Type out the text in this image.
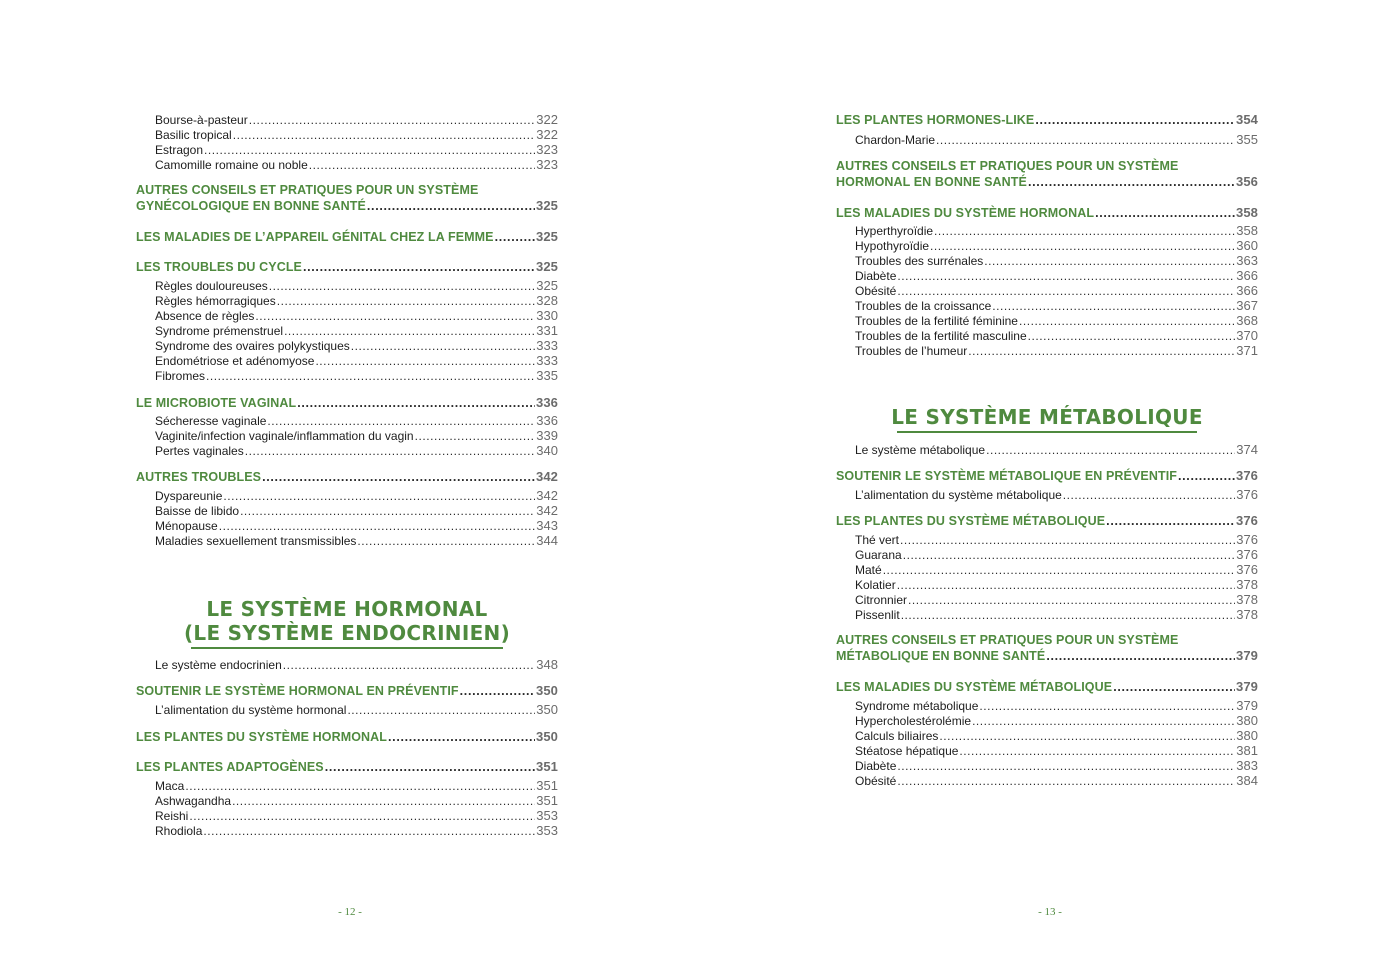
LE SYSTÈME HORMONAL
(LE SYSTÈME ENDOCRINIEN)
Bourse-à-pasteur . . .	322
Basilic tropical . . .	322
Estragon . . .	323
Camomille romaine ou noble . . .	323
AUTRES CONSEILS ET PRATIQUES POUR UN SYSTÈME
GYNÉCOLOGIQUE EN BONNE SANTÉ . . .	325
LES MALADIES DE L’APPAREIL GÉNITAL CHEZ LA FEMME . . .	325
LES TROUBLES DU CYCLE . . .	325
Règles douloureuses . . .	325
Règles hémorragiques . . .	328
Absence de règles . . .	330
Syndrome prémenstruel . . .	331
Syndrome des ovaires polykystiques . . .	333
Endométriose et adénomyose . . .	333
Fibromes . . .	335
LE MICROBIOTE VAGINAL . . .	336
Sécheresse vaginale . . .	336
Vaginite/infection vaginale/inflammation du vagin . . .	339
Pertes vaginales . . .	340
AUTRES TROUBLES . . .	342
Dyspareunie . . .	342
Baisse de libido . . .	342
Ménopause . . .	343
Maladies sexuellement transmissibles . . .	344
Le système endocrinien . . .	348
SOUTENIR LE SYSTÈME HORMONAL EN PRÉVENTIF . . .	350
L’alimentation du système hormonal . . .	350
LES PLANTES DU SYSTÈME HORMONAL . . .	350
LES PLANTES ADAPTOGÈNES . . .	351
Maca . . .	351
Ashwagandha . . .	351
Reishi . . .	353
Rhodiola . . .	353
- 12 -
LE SYSTÈME MÉTABOLIQUE
LES PLANTES HORMONES-LIKE . . .	354
Chardon-Marie . . .	355
AUTRES CONSEILS ET PRATIQUES POUR UN SYSTÈME
HORMONAL EN BONNE SANTÉ . . .	356
LES MALADIES DU SYSTÈME HORMONAL . . .	358
Hyperthyroïdie . . .	358
Hypothyroïdie . . .	360
Troubles des surrénales . . .	363
Diabète . . .	366
Obésité . . .	366
Troubles de la croissance . . .	367
Troubles de la fertilité féminine . . .	368
Troubles de la fertilité masculine . . .	370
Troubles de l’humeur . . .	371
Le système métabolique . . .	374
SOUTENIR LE SYSTÈME MÉTABOLIQUE EN PRÉVENTIF . . .	376
L’alimentation du système métabolique . . .	376
LES PLANTES DU SYSTÈME MÉTABOLIQUE . . .	376
Thé vert . . .	376
Guarana . . .	376
Maté . . .	376
Kolatier . . .	378
Citronnier . . .	378
Pissenlit . . .	378
AUTRES CONSEILS ET PRATIQUES POUR UN SYSTÈME
MÉTABOLIQUE EN BONNE SANTÉ . . .	379
LES MALADIES DU SYSTÈME MÉTABOLIQUE . . .	379
Syndrome métabolique . . .	379
Hypercholestérolémie . . .	380
Calculs biliaires . . .	380
Stéatose hépatique . . .	381
Diabète . . .	383
Obésité . . .	384
- 13 -
